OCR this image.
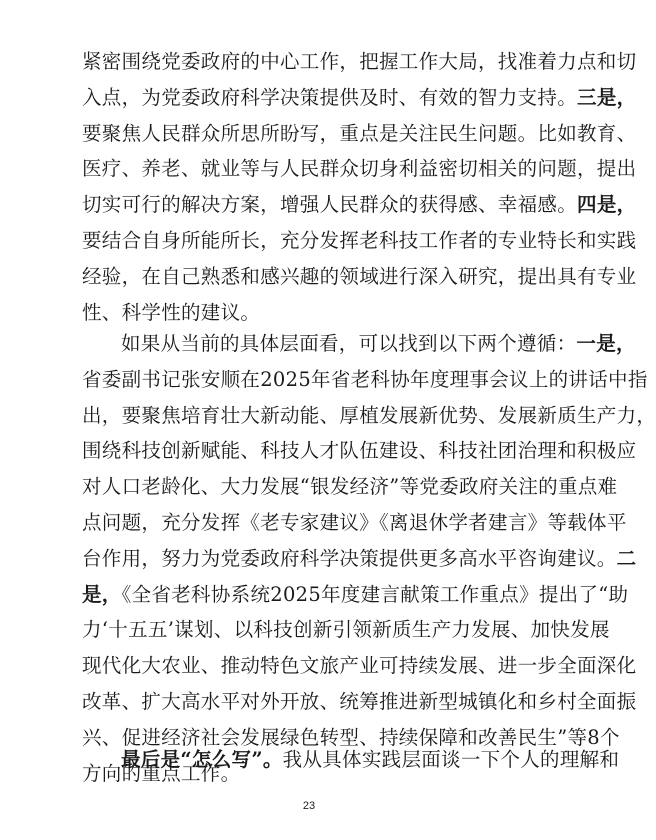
紧密围绕党委政府的中心工作，把握工作大局，找准着力点和切
入点，为党委政府科学决策提供及时、有效的智力支持。三是，
要聚焦人民群众所思所盼写，重点是关注民生问题。比如教育、
医疗、养老、就业等与人民群众切身利益密切相关的问题，提出
切实可行的解决方案，增强人民群众的获得感、幸福感。四是，
要结合自身所能所长，充分发挥老科技工作者的专业特长和实践
经验，在自己熟悉和感兴趣的领域进行深入研究，提出具有专业
性、科学性的建议。
如果从当前的具体层面看，可以找到以下两个遵循：一是，
省委副书记张安顺在2025年省老科协年度理事会议上的讲话中指
出，要聚焦培育壮大新动能、厚植发展新优势、发展新质生产力，
围绕科技创新赋能、科技人才队伍建设、科技社团治理和积极应
对人口老龄化、大力发展“银发经济”等党委政府关注的重点难
点问题，充分发挥《老专家建议》《离退休学者建言》等载体平
台作用，努力为党委政府科学决策提供更多高水平咨询建议。二
是，《全省老科协系统2025年度建言献策工作重点》提出了“助
力‘十五五’谋划、以科技创新引领新质生产力发展、加快发展
现代化大农业、推动特色文旅产业可持续发展、进一步全面深化
改革、扩大高水平对外开放、统筹推进新型城镇化和乡村全面振
兴、促进经济社会发展绿色转型、持续保障和改善民生”等8个
方向的重点工作。
最后是“怎么写”。我从具体实践层面谈一下个人的理解和
23
